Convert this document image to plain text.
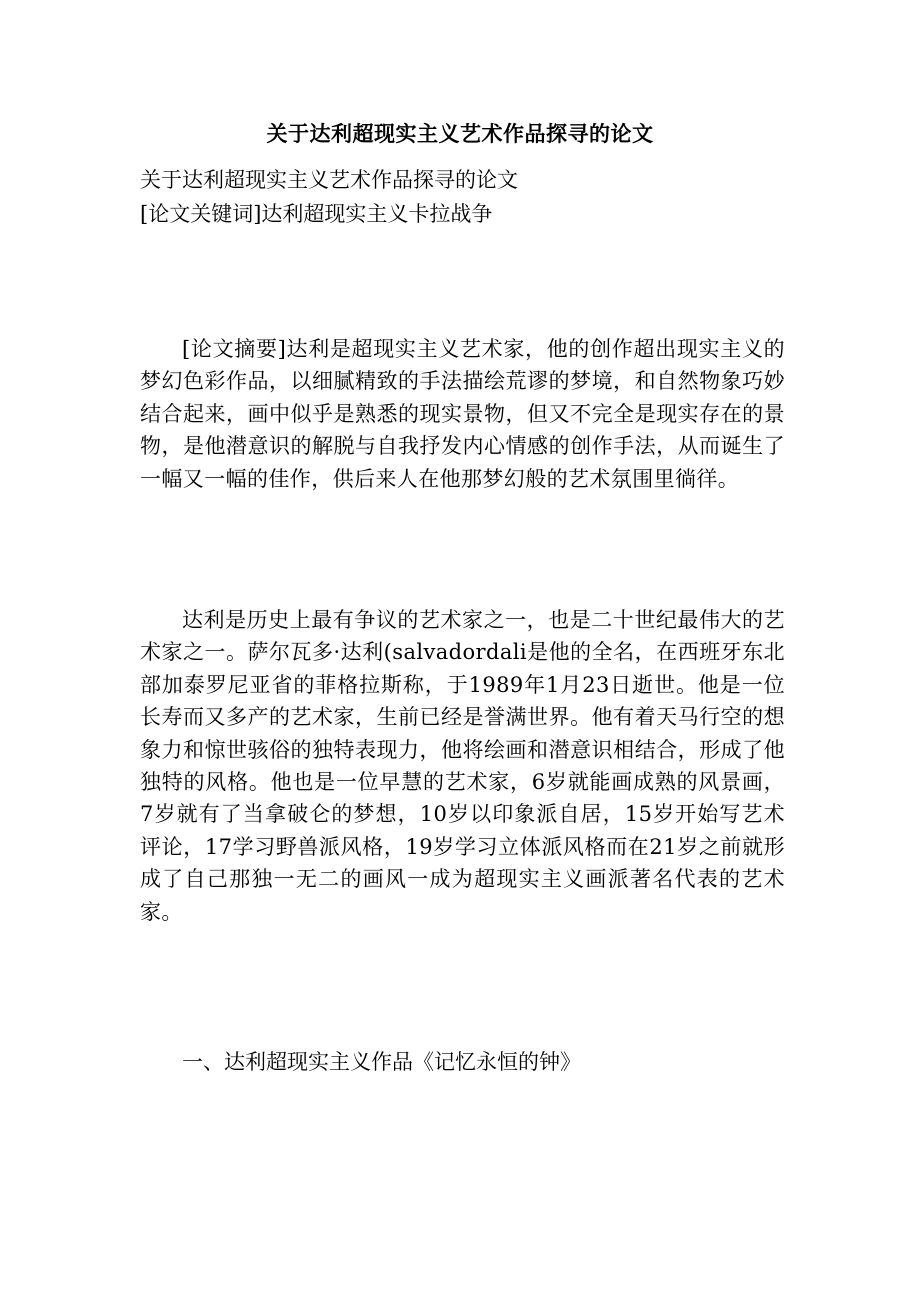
关于达利超现实主义艺术作品探寻的论文
关于达利超现实主义艺术作品探寻的论文
[论文关键词]达利超现实主义卡拉战争
[论文摘要]达利是超现实主义艺术家，他的创作超出现实主义的梦幻色彩作品，以细腻精致的手法描绘荒谬的梦境，和自然物象巧妙结合起来，画中似乎是熟悉的现实景物，但又不完全是现实存在的景物，是他潜意识的解脱与自我抒发内心情感的创作手法，从而诞生了一幅又一幅的佳作，供后来人在他那梦幻般的艺术氛围里徜徉。
达利是历史上最有争议的艺术家之一，也是二十世纪最伟大的艺术家之一。萨尔瓦多·达利(salvadordali是他的全名，在西班牙东北部加泰罗尼亚省的菲格拉斯称，于1989年1月23日逝世。他是一位长寿而又多产的艺术家，生前已经是誉满世界。他有着天马行空的想象力和惊世骇俗的独特表现力，他将绘画和潜意识相结合，形成了他独特的风格。他也是一位早慧的艺术家，6岁就能画成熟的风景画，7岁就有了当拿破仑的梦想，10岁以印象派自居，15岁开始写艺术评论，17学习野兽派风格，19岁学习立体派风格而在21岁之前就形成了自己那独一无二的画风一成为超现实主义画派著名代表的艺术家。
一、达利超现实主义作品《记忆永恒的钟》
